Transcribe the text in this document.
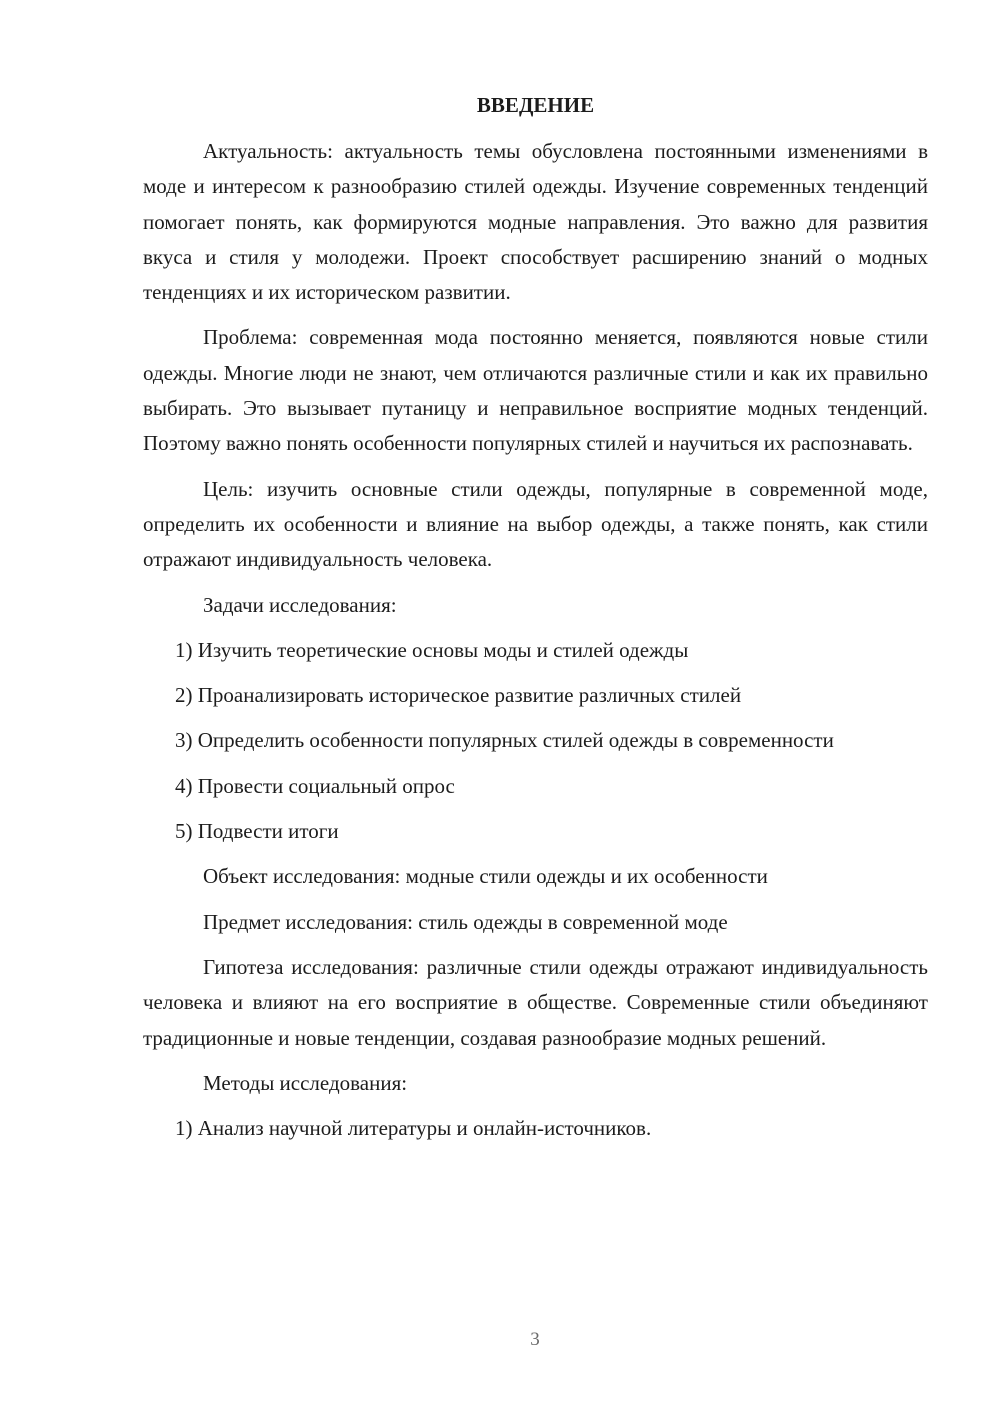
ВВЕДЕНИЕ

Актуальность: актуальность темы обусловлена постоянными изменениями в моде и интересом к разнообразию стилей одежды. Изучение современных тенденций помогает понять, как формируются модные направления. Это важно для развития вкуса и стиля у молодежи. Проект способствует расширению знаний о модных тенденциях и их историческом развитии.

Проблема: современная мода постоянно меняется, появляются новые стили одежды. Многие люди не знают, чем отличаются различные стили и как их правильно выбирать. Это вызывает путаницу и неправильное восприятие модных тенденций. Поэтому важно понять особенности популярных стилей и научиться их распознавать.

Цель: изучить основные стили одежды, популярные в современной моде, определить их особенности и влияние на выбор одежды, а также понять, как стили отражают индивидуальность человека.

Задачи исследования:

1) Изучить теоретические основы моды и стилей одежды

2) Проанализировать историческое развитие различных стилей

3) Определить особенности популярных стилей одежды в современности

4) Провести социальный опрос

5) Подвести итоги

Объект исследования: модные стили одежды и их особенности

Предмет исследования: стиль одежды в современной моде

Гипотеза исследования: различные стили одежды отражают индивидуальность человека и влияют на его восприятие в обществе. Современные стили объединяют традиционные и новые тенденции, создавая разнообразие модных решений.

Методы исследования:

1) Анализ научной литературы и онлайн-источников.

3
